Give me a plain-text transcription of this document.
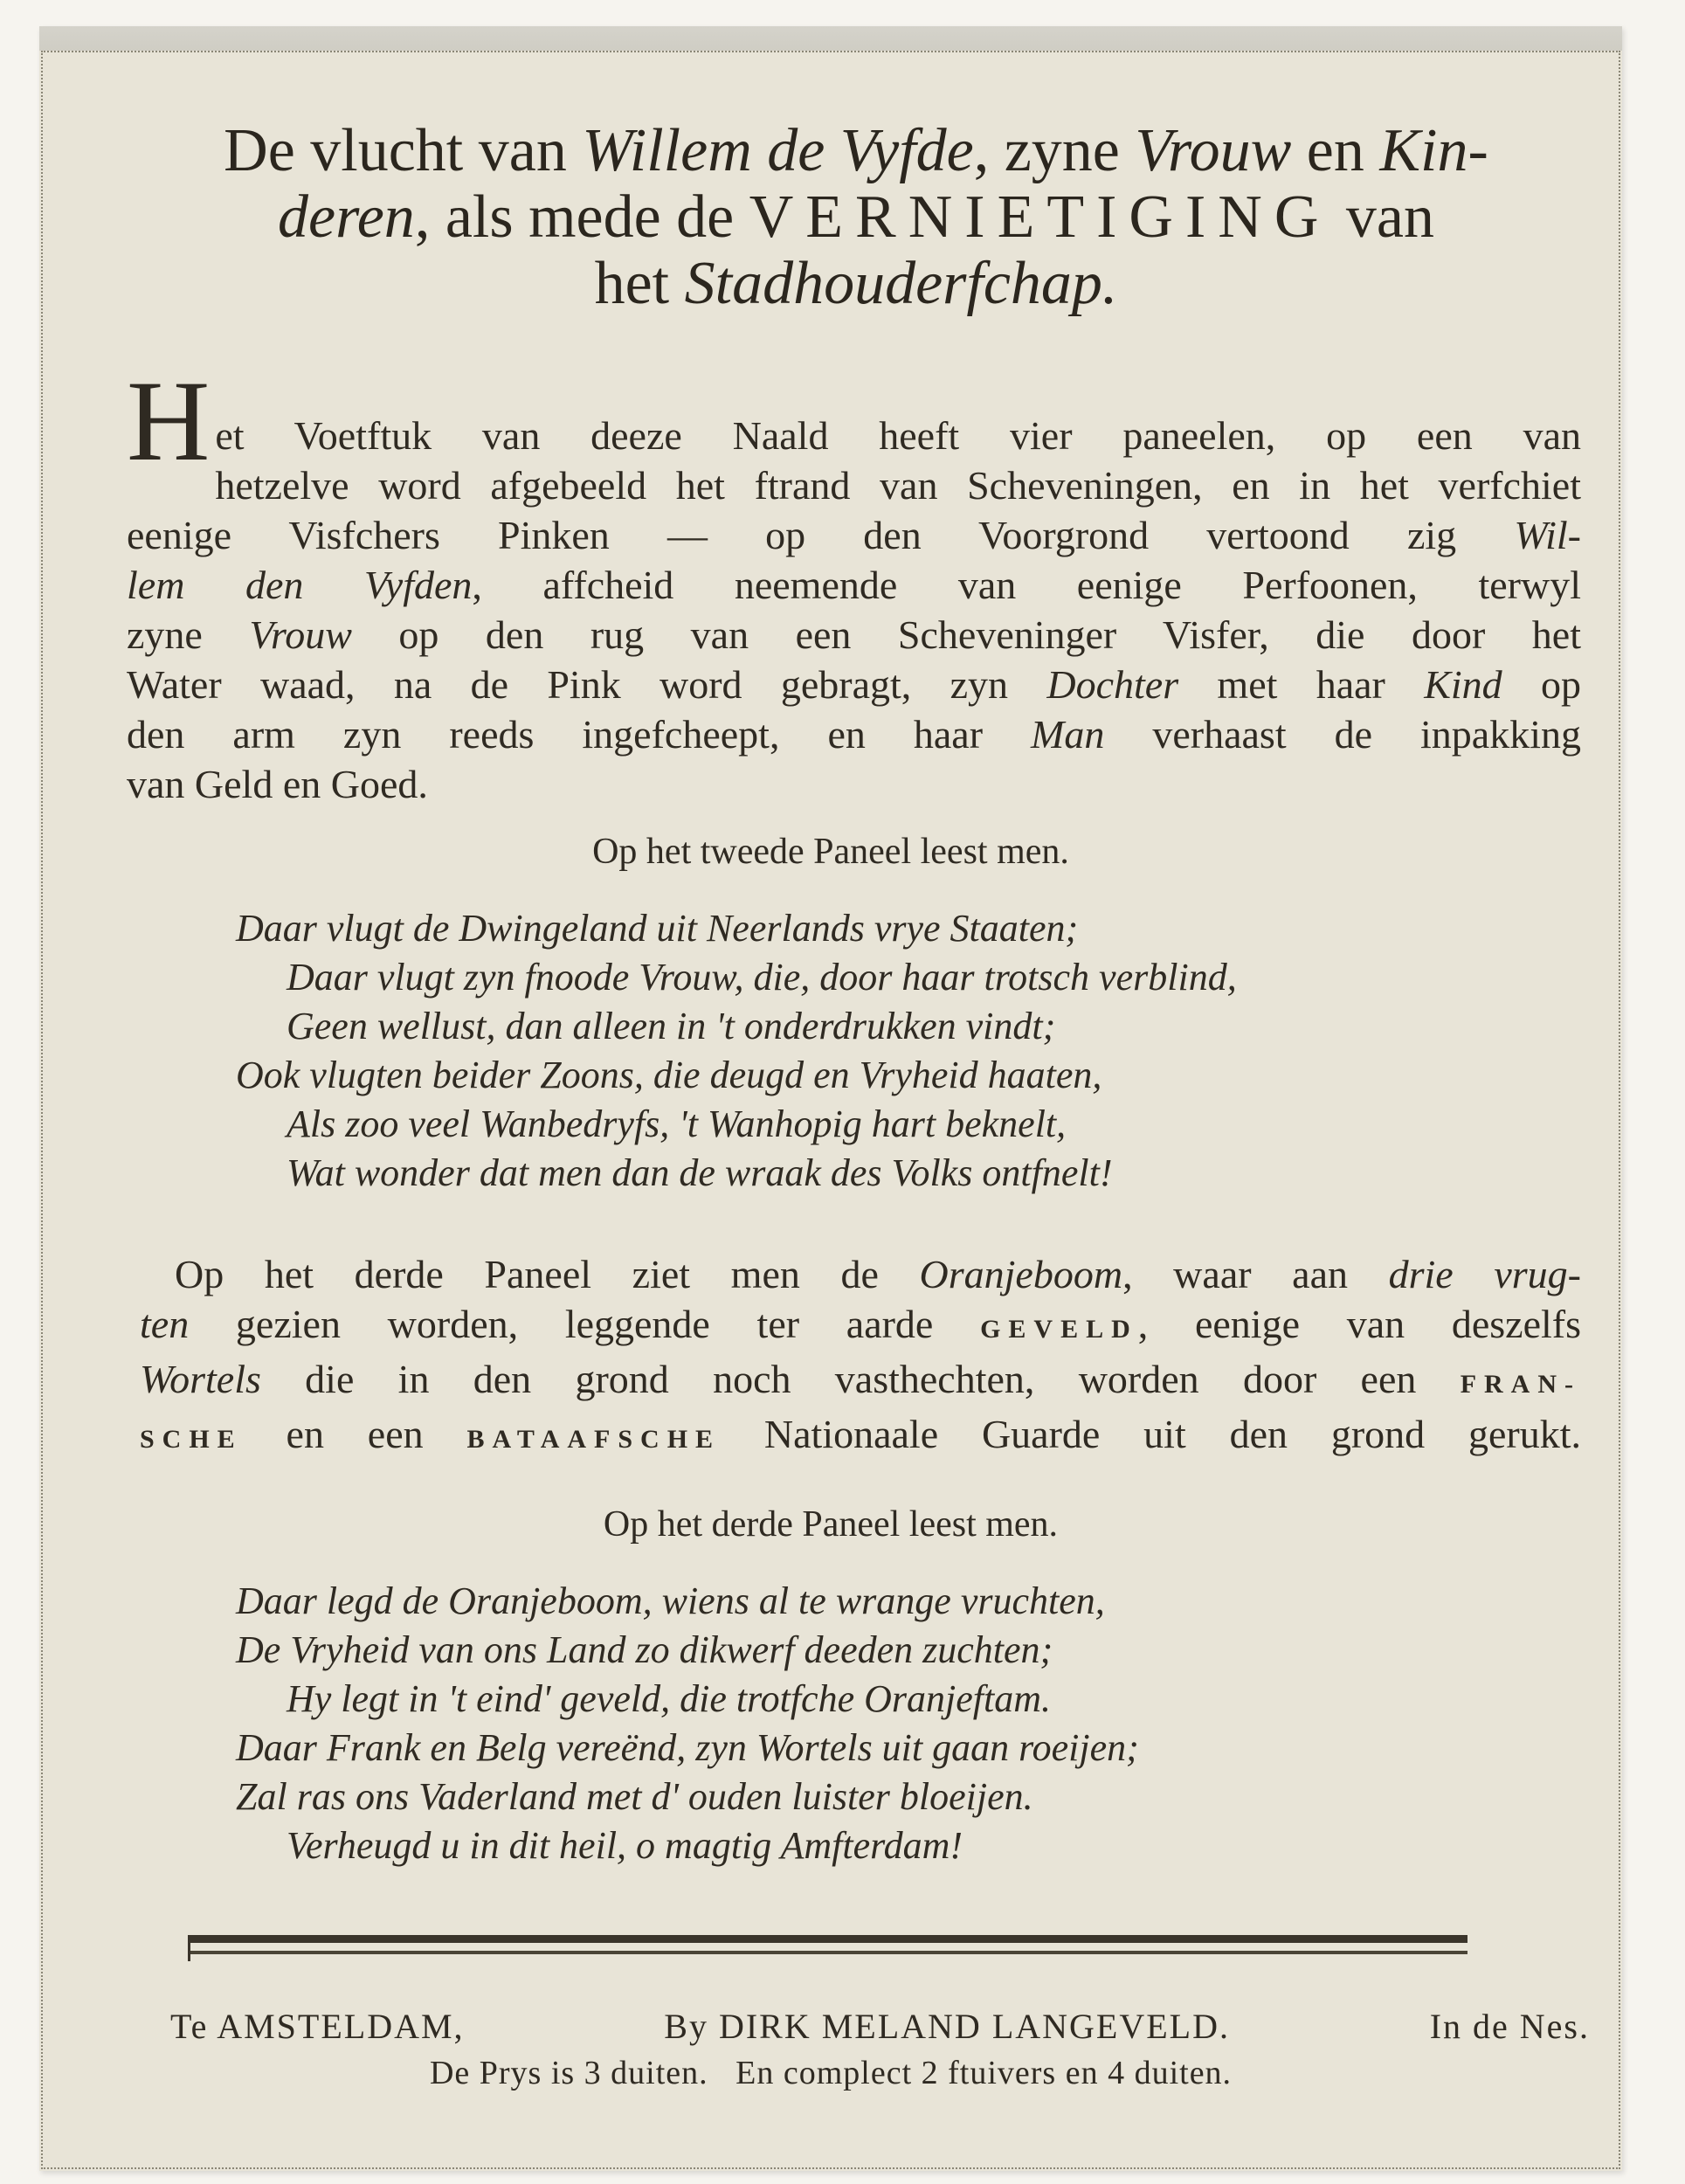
De vlucht van Willem de Vyfde, zyne Vrouw en Kin-
deren, als mede de VERNIETIGING van
het Stadhouderfchap.
H et Voetftuk van deeze Naald heeft vier paneelen, op een van
hetzelve word afgebeeld het ftrand van Scheveningen, en in het verfchiet
eenige Visfchers Pinken — op den Voorgrond vertoond zig Wil-
lem den Vyfden, affcheid neemende van eenige Perfoonen, terwyl
zyne Vrouw op den rug van een Scheveninger Visfer, die door het
Water waad, na de Pink word gebragt, zyn Dochter met haar Kind op
den arm zyn reeds ingefcheept, en haar Man verhaast de inpakking
van Geld en Goed.
Op het tweede Paneel leest men.
Daar vlugt de Dwingeland uit Neerlands vrye Staaten;
Daar vlugt zyn fnoode Vrouw, die, door haar trotsch verblind,
Geen wellust, dan alleen in 't onderdrukken vindt;
Ook vlugten beider Zoons, die deugd en Vryheid haaten,
Als zoo veel Wanbedryfs, 't Wanhopig hart beknelt,
Wat wonder dat men dan de wraak des Volks ontfnelt!
Op het derde Paneel ziet men de Oranjeboom, waar aan drie vrug-
ten gezien worden, leggende ter aarde GEVELD, eenige van deszelfs
Wortels die in den grond noch vasthechten, worden door een FRAN-
SCHE en een BATAAFSCHE Nationaale Guarde uit den grond gerukt.
Op het derde Paneel leest men.
Daar legd de Oranjeboom, wiens al te wrange vruchten,
De Vryheid van ons Land zo dikwerf deeden zuchten;
Hy legt in 't eind' geveld, die trotfche Oranjeftam.
Daar Frank en Belg vereënd, zyn Wortels uit gaan roeijen;
Zal ras ons Vaderland met d' ouden luister bloeijen.
Verheugd u in dit heil, o magtig Amfterdam!
Te AMSTELDAM,	By DIRK MELAND LANGEVELD.	In de Nes.
De Prys is 3 duiten.   En complect 2 ftuivers en 4 duiten.
